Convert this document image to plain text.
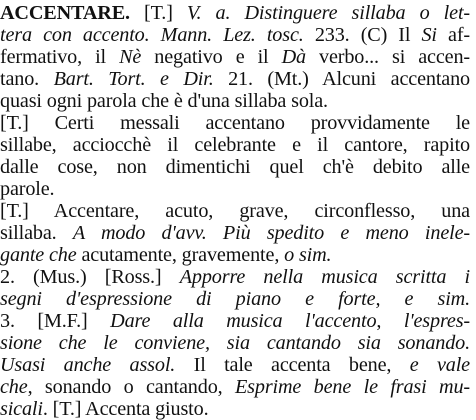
ACCENTARE. [T.] V. a. Distinguere sillaba o let-
tera con accento. Mann. Lez. tosc. 233. (C) Il Si af-
fermativo, il Nè negativo e il Dà verbo... si accen-
tano. Bart. Tort. e Dir. 21. (Mt.) Alcuni accentano
quasi ogni parola che è d'una sillaba sola.
[T.] Certi messali accentano provvidamente le
sillabe, acciocchè il celebrante e il cantore, rapito
dalle cose, non dimentichi quel ch'è debito alle
parole.
[T.] Accentare, acuto, grave, circonflesso, una
sillaba. A modo d'avv. Più spedito e meno inele-
gante che acutamente, gravemente, o sim.
2. (Mus.) [Ross.] Apporre nella musica scritta i
segni d'espressione di piano e forte, e sim.
3. [M.F.] Dare alla musica l'accento, l'espres-
sione che le conviene, sia cantando sia sonando.
Usasi anche assol. Il tale accenta bene, e vale
che, sonando o cantando, Esprime bene le frasi mu-
sicali. [T.] Accenta giusto.
